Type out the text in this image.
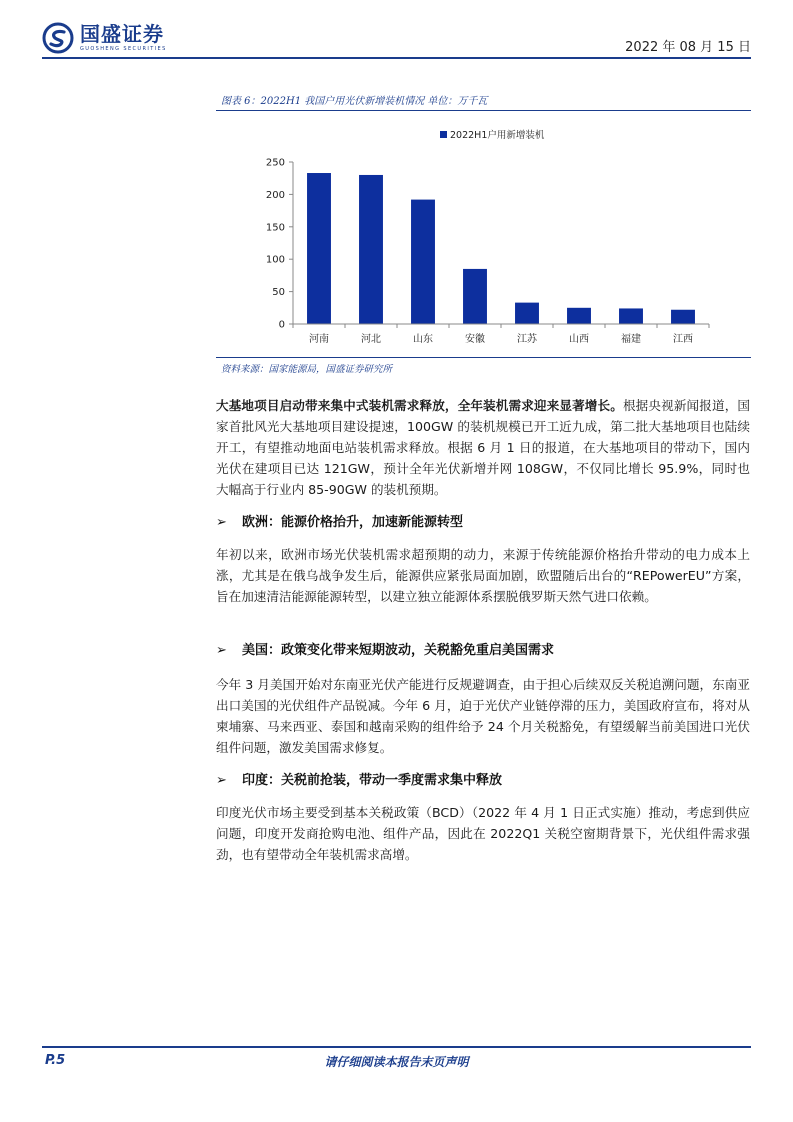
国盛证券
GUOSHENG SECURITIES	2022 年 08 月 15 日
图表 6：2022H1 我国户用光伏新增装机情况 单位：万千瓦
2022H1户用新增装机
0
50
100
150
200
250
河南	河北	山东	安徽	江苏	山西	福建	江西
资料来源：国家能源局，国盛证券研究所
大基地项目启动带来集中式装机需求释放，全年装机需求迎来显著增长。根据央视新闻报道，国家首批风光大基地项目建设提速，100GW 的装机规模已开工近九成，第二批大基地项目也陆续开工，有望推动地面电站装机需求释放。根据 6 月 1 日的报道，在大基地项目的带动下，国内光伏在建项目已达 121GW，预计全年光伏新增并网 108GW，不仅同比增长 95.9%，同时也大幅高于行业内 85-90GW 的装机预期。
➢ 欧洲：能源价格抬升，加速新能源转型
年初以来，欧洲市场光伏装机需求超预期的动力，来源于传统能源价格抬升带动的电力成本上涨，尤其是在俄乌战争发生后，能源供应紧张局面加剧，欧盟随后出台的“REPowerEU”方案，旨在加速清洁能源能源转型，以建立独立能源体系摆脱俄罗斯天然气进口依赖。
➢ 美国：政策变化带来短期波动，关税豁免重启美国需求
今年 3 月美国开始对东南亚光伏产能进行反规避调查，由于担心后续双反关税追溯问题，东南亚出口美国的光伏组件产品锐减。今年 6 月，迫于光伏产业链停滞的压力，美国政府宣布，将对从柬埔寨、马来西亚、泰国和越南采购的组件给予 24 个月关税豁免，有望缓解当前美国进口光伏组件问题，激发美国需求修复。
➢ 印度：关税前抢装，带动一季度需求集中释放
印度光伏市场主要受到基本关税政策（BCD）（2022 年 4 月 1 日正式实施）推动，考虑到供应问题，印度开发商抢购电池、组件产品，因此在 2022Q1 关税空窗期背景下，光伏组件需求强劲，也有望带动全年装机需求高增。
P.5	请仔细阅读本报告末页声明
